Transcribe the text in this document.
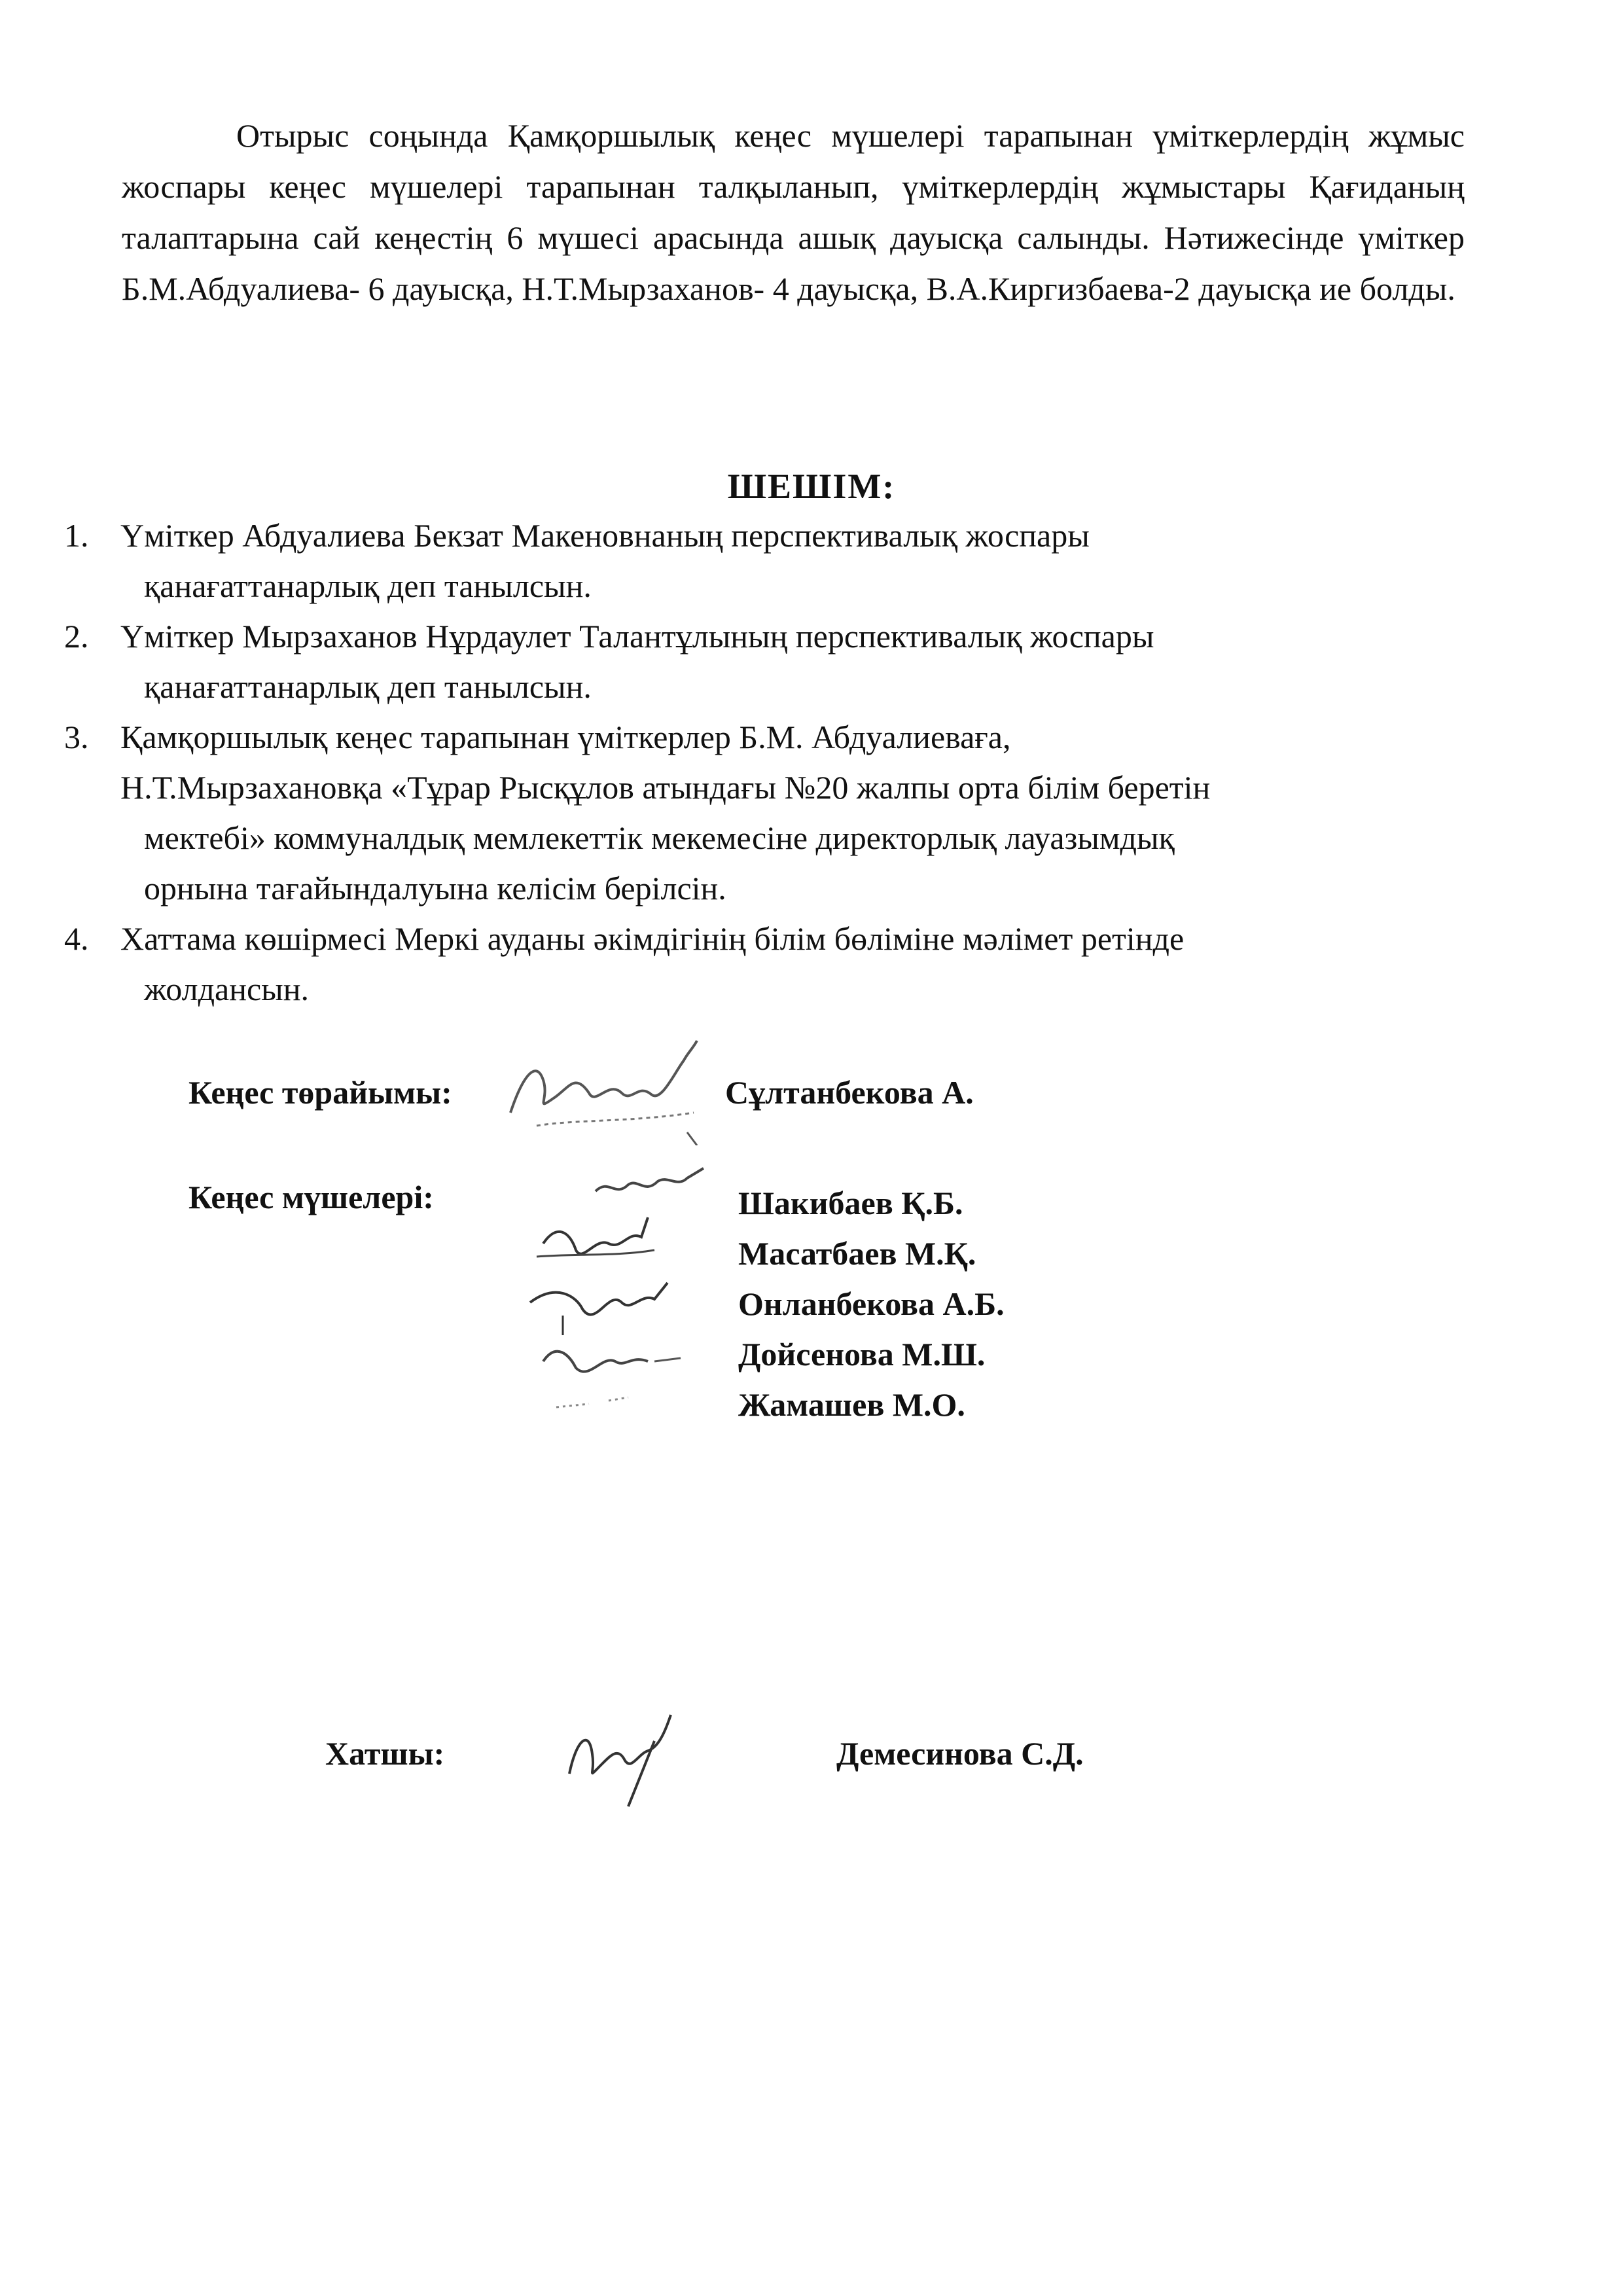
Отырыс соңында Қамқоршылық кеңес мүшелері тарапынан үміткерлердің жұмыс жоспары кеңес мүшелері тарапынан талқыланып, үміткерлердің жұмыстары Қағиданың талаптарына сай кеңестің 6 мүшесі арасында ашық дауысқа салынды. Нәтижесінде үміткер Б.М.Абдуалиева- 6 дауысқа, Н.Т.Мырзаханов- 4 дауысқа, В.А.Киргизбаева-2 дауысқа ие болды.

ШЕШІМ:
1. Үміткер Абдуалиева Бекзат Макеновнаның перспективалық жоспары
қанағаттанарлық деп танылсын.
2. Үміткер Мырзаханов Нұрдаулет Талантұлының перспективалық жоспары
қанағаттанарлық деп танылсын.
3. Қамқоршылық кеңес тарапынан үміткерлер Б.М. Абдуалиеваға,
Н.Т.Мырзахановқа «Тұрар Рысқұлов атындағы №20 жалпы орта білім беретін
мектебі» коммуналдық мемлекеттік мекемесіне директорлық лауазымдық
орнына тағайындалуына келісім берілсін.
4. Хаттама көшірмесі Меркі ауданы әкімдігінің білім бөліміне мәлімет ретінде
жолдансын.
Кеңес төрайымы:	Сұлтанбекова А.
Кеңес мүшелері:	Шакибаев Қ.Б.
Масатбаев М.Қ.
Онланбекова А.Б.
Дойсенова М.Ш.
Жамашев М.О.
Хатшы:	Демесинова С.Д.
